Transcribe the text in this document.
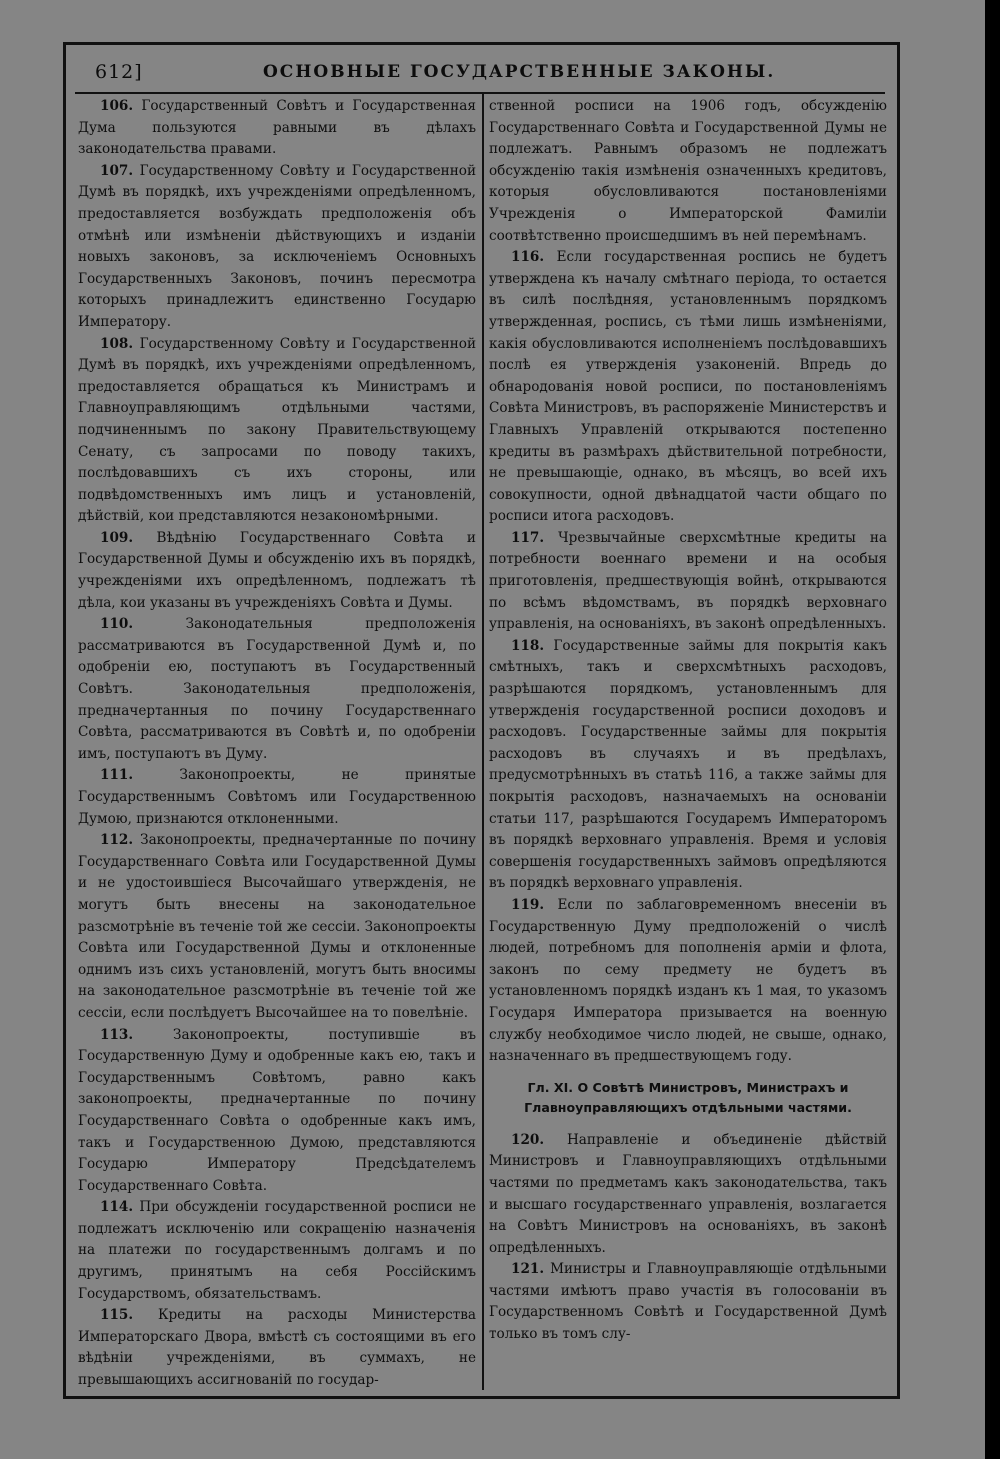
612]	ОСНОВНЫЕ ГОСУДАРСТВЕННЫЕ ЗАКОНЫ.

106. Государственный Совѣтъ и Государственная Дума пользуются равными въ дѣлахъ законодательства правами.

107. Государственному Совѣту и Государственной Думѣ въ порядкѣ, ихъ учрежденіями опредѣленномъ, предоставляется возбуждать предположенія объ отмѣнѣ или измѣненіи дѣйствующихъ и изданіи новыхъ законовъ, за исключеніемъ Основныхъ Государственныхъ Законовъ, починъ пересмотра которыхъ принадлежитъ единственно Государю Императору.

108. Государственному Совѣту и Государственной Думѣ въ порядкѣ, ихъ учрежденіями опредѣленномъ, предоставляется обращаться къ Министрамъ и Главноуправляющимъ отдѣльными частями, подчиненнымъ по закону Правительствующему Сенату, съ запросами по поводу такихъ, послѣдовавшихъ съ ихъ стороны, или подвѣдомственныхъ имъ лицъ и установленій, дѣйствій, кои представляются незакономѣрными.

109. Вѣдѣнію Государственнаго Совѣта и Государственной Думы и обсужденію ихъ въ порядкѣ, учрежденіями ихъ опредѣленномъ, подлежатъ тѣ дѣла, кои указаны въ учрежденіяхъ Совѣта и Думы.

110.	Законодательныя предположенія рассматриваются въ Государственной Думѣ и, по одобреніи ею, поступаютъ въ Государственный Совѣтъ. Законодательныя предположенія, предначертанныя по почину Государственнаго Совѣта, рассматриваются въ Совѣтѣ и, по одобреніи имъ, поступаютъ въ Думу.

111.	Законопроекты, не принятые Государственнымъ Совѣтомъ или Государственною Думою, признаются отклоненными.

112. Законопроекты, предначертанные по почину Государственнаго Совѣта или Государственной Думы и не удостоившіеся Высочайшаго утвержденія, не могутъ быть внесены на законодательное разсмотрѣніе въ теченіе той же сессіи. Законопроекты Совѣта или Государственной Думы и отклоненные однимъ изъ сихъ установленій, могутъ быть вносимы на законодательное разсмотрѣніе въ теченіе той же сессіи, если послѣдуетъ Высочайшее на то повелѣніе.

113.	Законопроекты, поступившіе въ Государственную Думу и одобренные какъ ею, такъ и Государственнымъ Совѣтомъ, равно какъ законопроекты, предначертанные по почину Государственнаго Совѣта о одобренные какъ имъ, такъ и Государственною Думою, представляются Государю Императору Предсѣдателемъ Государственнаго Совѣта.

114. При обсужденіи государственной росписи не подлежатъ исключенію или сокращенію назначенія на платежи по государственнымъ долгамъ и по другимъ, принятымъ на себя Россійскимъ Государствомъ, обязательствамъ.

115. Кредиты на расходы Министерства Императорскаго Двора, вмѣстѣ съ состоящими въ его вѣдѣніи учрежденіями, въ суммахъ, не превышающихъ ассигнованій по государ-

ственной росписи на 1906 годъ, обсужденію Государственнаго Совѣта и Государственной Думы не подлежатъ. Равнымъ образомъ не подлежатъ обсужденію такія измѣненія означенныхъ кредитовъ, которыя обусловливаются постановленіями Учрежденія о Императорской Фамиліи соотвѣтственно происшедшимъ въ ней перемѣнамъ.

116. Если государственная роспись не будетъ утверждена къ началу смѣтнаго періода, то остается въ силѣ послѣдняя, установленнымъ порядкомъ утвержденная, роспись, съ тѣми лишь измѣненіями, какія обусловливаются исполненіемъ послѣдовавшихъ послѣ ея утвержденія узаконеній. Впредь до обнародованія новой росписи, по постановленіямъ Совѣта Министровъ, въ распоряженіе Министерствъ и Главныхъ Управленій открываются постепенно кредиты въ размѣрахъ дѣйствительной потребности, не превышающіе, однако, въ мѣсяцъ, во всей ихъ совокупности, одной двѣнадцатой части общаго по росписи итога расходовъ.

117. Чрезвычайные сверхсмѣтные кредиты на потребности военнаго времени и на особыя приготовленія, предшествующія войнѣ, открываются по всѣмъ вѣдомствамъ, въ порядкѣ верховнаго управленія, на основаніяхъ, въ законѣ опредѣленныхъ.

118. Государственные займы для покрытія какъ смѣтныхъ, такъ и сверхсмѣтныхъ расходовъ, разрѣшаются порядкомъ, установленнымъ для утвержденія государственной росписи доходовъ и расходовъ. Государственные займы для покрытія расходовъ въ случаяхъ и въ предѣлахъ, предусмотрѣнныхъ въ статьѣ 116, а также займы для покрытія расходовъ, назначаемыхъ на основаніи статьи 117, разрѣшаются Государемъ Императоромъ въ порядкѣ верховнаго управленія. Время и условія совершенія государственныхъ займовъ опредѣляются въ порядкѣ верховнаго управленія.

119. Если по заблаговременномъ внесеніи въ Государственную Думу предположеній о числѣ людей, потребномъ для пополненія арміи и флота, законъ по сему предмету не будетъ въ установленномъ порядкѣ изданъ къ 1 мая, то указомъ Государя Императора призывается на военную службу необходимое число людей, не свыше, однако, назначеннаго въ предшествующемъ году.

Гл. XI. О Совѣтѣ Министровъ, Министрахъ и
Главноуправляющихъ отдѣльными частями.

120. Направленіе и объединеніе дѣйствій Министровъ и Главноуправляющихъ отдѣльными частями по предметамъ какъ законодательства, такъ и высшаго государственнаго управленія, возлагается на Совѣтъ Министровъ на основаніяхъ, въ законѣ опредѣленныхъ.

121. Министры и Главноуправляющіе отдѣльными частями имѣютъ право участія въ голосованіи въ Государственномъ Совѣтѣ и Государственной Думѣ только въ томъ слу-
